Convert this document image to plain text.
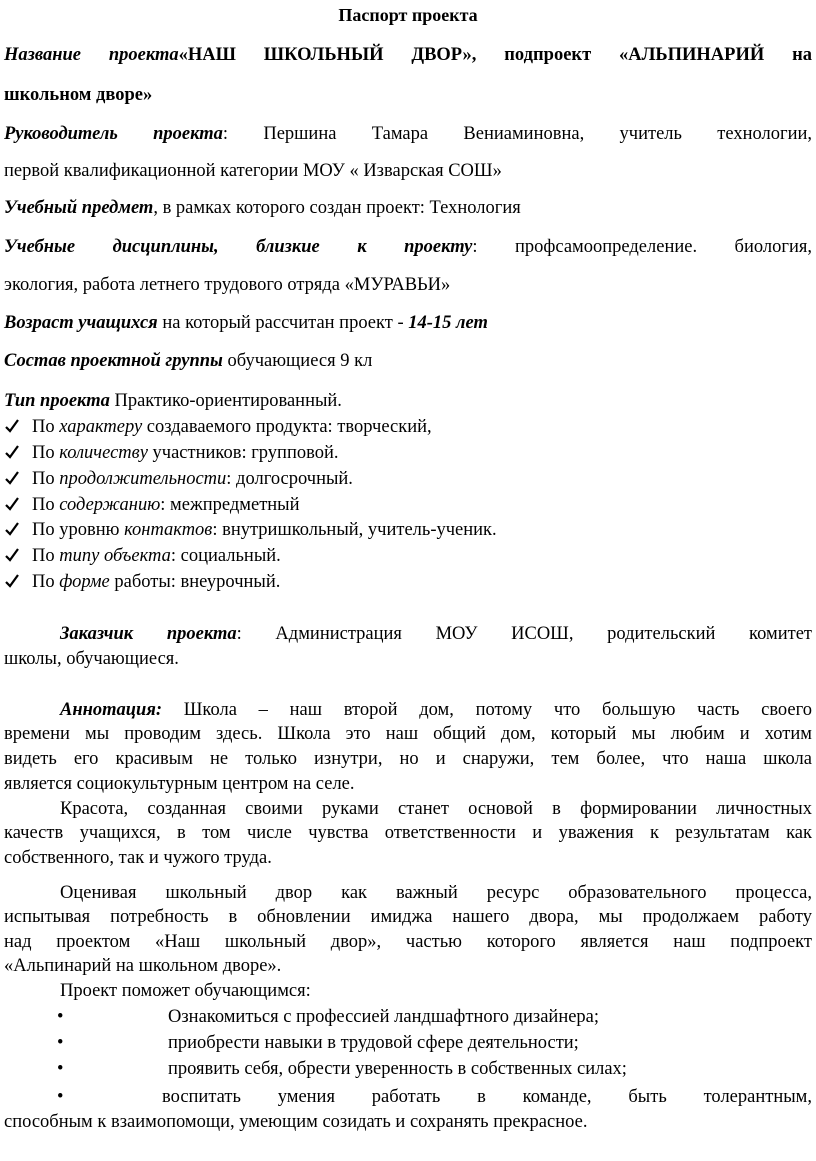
Паспорт проекта
Название проекта«НАШ ШКОЛЬНЫЙ ДВОР», подпроект «АЛЬПИНАРИЙ на
школьном дворе»
Руководитель проекта: Першина Тамара Вениаминовна, учитель технологии,
первой квалификационной категории МОУ « Изварская СОШ»
Учебный предмет, в рамках которого создан проект: Технология
Учебные дисциплины, близкие к проекту: профсамоопределение. биология,
экология, работа летнего трудового отряда «МУРАВЬИ»
Возраст учащихся на который рассчитан проект - 14-15 лет
Состав проектной группы обучающиеся 9 кл
Тип проекта Практико-ориентированный.
По характеру создаваемого продукта: творческий,
По количеству участников: групповой.
По продолжительности: долгосрочный.
По содержанию: межпредметный
По уровню контактов: внутришкольный, учитель-ученик.
По типу объекта: социальный.
По форме работы: внеурочный.
Заказчик проекта: Администрация МОУ ИСОШ, родительский комитет
школы, обучающиеся.
Аннотация: Школа – наш второй дом, потому что большую часть своего
времени мы проводим здесь. Школа это наш общий дом, который мы любим и хотим
видеть его красивым не только изнутри, но и снаружи, тем более, что наша школа
является социокультурным центром на селе.
Красота, созданная своими руками станет основой в формировании личностных
качеств учащихся, в том числе чувства ответственности и уважения к результатам как
собственного, так и чужого труда.
Оценивая школьный двор как важный ресурс образовательного процесса,
испытывая потребность в обновлении имиджа нашего двора, мы продолжаем работу
над проектом «Наш школьный двор», частью которого является наш подпроект
«Альпинарий на школьном дворе».
Проект поможет обучающимся:
•	Ознакомиться с профессией ландшафтного дизайнера;
•	приобрести навыки в трудовой сфере деятельности;
•	проявить себя, обрести уверенность в собственных силах;
•	воспитать умения работать в команде, быть толерантным,
способным к взаимопомощи, умеющим созидать и сохранять прекрасное.
